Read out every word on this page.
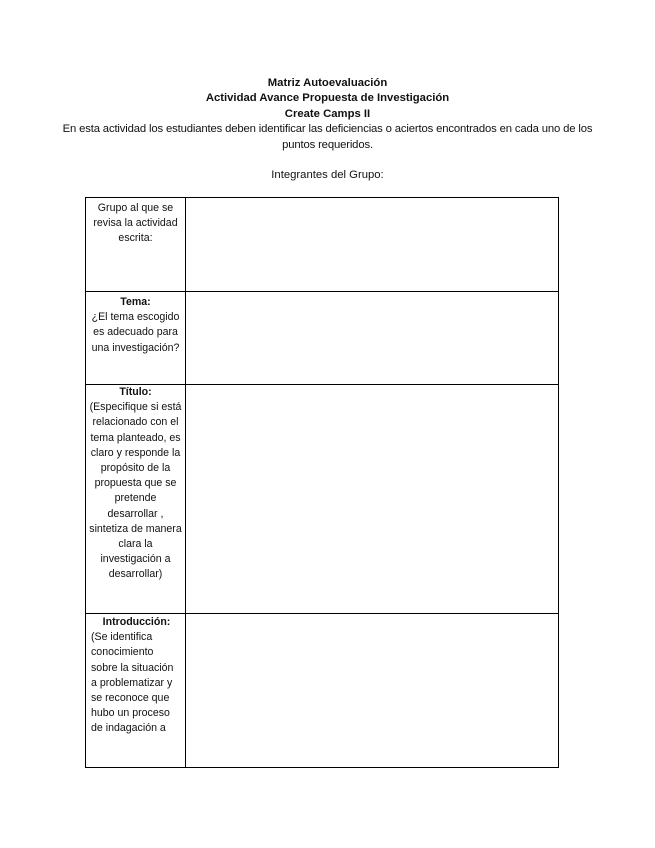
Matriz Autoevaluación
Actividad Avance Propuesta de Investigación
Create Camps II
En esta actividad los estudiantes deben identificar las deficiencias o aciertos encontrados en cada uno de los puntos requeridos.
Integrantes del Grupo:
Grupo al que se revisa la actividad escrita:	

Tema:
¿El tema escogido es adecuado para una investigación?	

Título:
(Especifique si está relacionado con el tema planteado, es claro y responde la propósito de la propuesta que se pretende desarrollar , sintetiza de manera clara la investigación a desarrollar)	

Introducción:
(Se identifica conocimiento sobre la situación a problematizar y se reconoce que hubo un proceso de indagación a	
